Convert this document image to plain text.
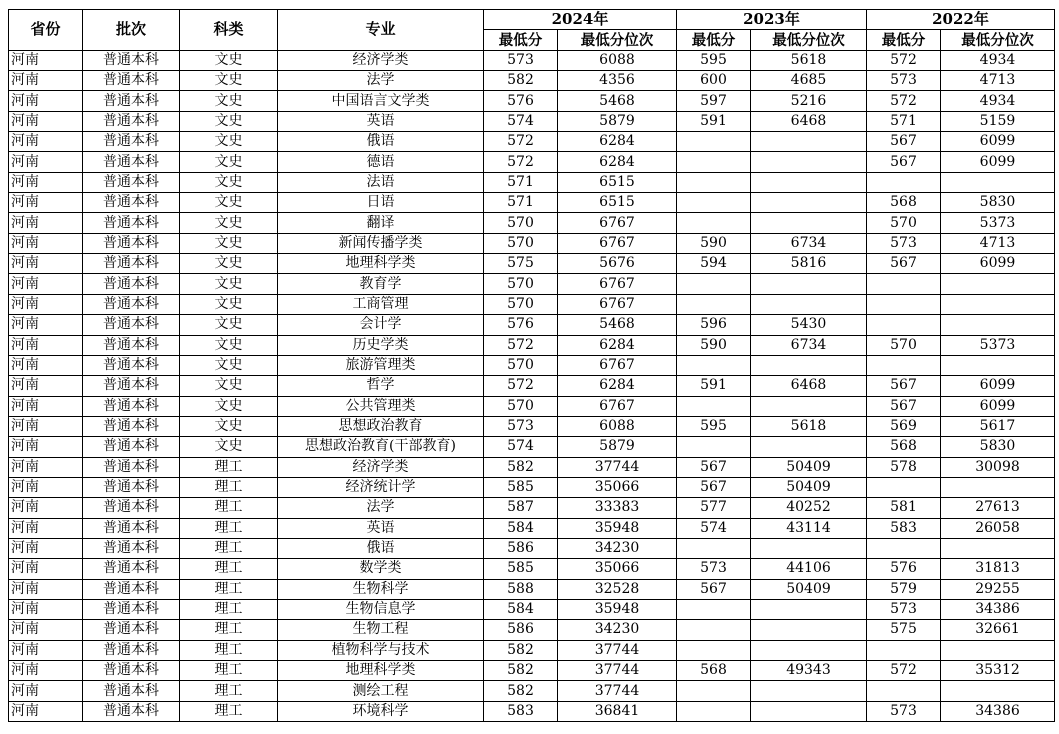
省份	批次	科类	专业	2024年		2023年		2022年	
				最低分	最低分位次	最低分	最低分位次	最低分	最低分位次
河南	普通本科	文史	经济学类	573	6088	595	5618	572	4934
河南	普通本科	文史	法学	582	4356	600	4685	573	4713
河南	普通本科	文史	中国语言文学类	576	5468	597	5216	572	4934
河南	普通本科	文史	英语	574	5879	591	6468	571	5159
河南	普通本科	文史	俄语	572	6284			567	6099
河南	普通本科	文史	德语	572	6284			567	6099
河南	普通本科	文史	法语	571	6515				
河南	普通本科	文史	日语	571	6515			568	5830
河南	普通本科	文史	翻译	570	6767			570	5373
河南	普通本科	文史	新闻传播学类	570	6767	590	6734	573	4713
河南	普通本科	文史	地理科学类	575	5676	594	5816	567	6099
河南	普通本科	文史	教育学	570	6767				
河南	普通本科	文史	工商管理	570	6767				
河南	普通本科	文史	会计学	576	5468	596	5430		
河南	普通本科	文史	历史学类	572	6284	590	6734	570	5373
河南	普通本科	文史	旅游管理类	570	6767				
河南	普通本科	文史	哲学	572	6284	591	6468	567	6099
河南	普通本科	文史	公共管理类	570	6767			567	6099
河南	普通本科	文史	思想政治教育	573	6088	595	5618	569	5617
河南	普通本科	文史	思想政治教育(干部教育)	574	5879			568	5830
河南	普通本科	理工	经济学类	582	37744	567	50409	578	30098
河南	普通本科	理工	经济统计学	585	35066	567	50409		
河南	普通本科	理工	法学	587	33383	577	40252	581	27613
河南	普通本科	理工	英语	584	35948	574	43114	583	26058
河南	普通本科	理工	俄语	586	34230				
河南	普通本科	理工	数学类	585	35066	573	44106	576	31813
河南	普通本科	理工	生物科学	588	32528	567	50409	579	29255
河南	普通本科	理工	生物信息学	584	35948			573	34386
河南	普通本科	理工	生物工程	586	34230			575	32661
河南	普通本科	理工	植物科学与技术	582	37744				
河南	普通本科	理工	地理科学类	582	37744	568	49343	572	35312
河南	普通本科	理工	测绘工程	582	37744				
河南	普通本科	理工	环境科学	583	36841			573	34386
